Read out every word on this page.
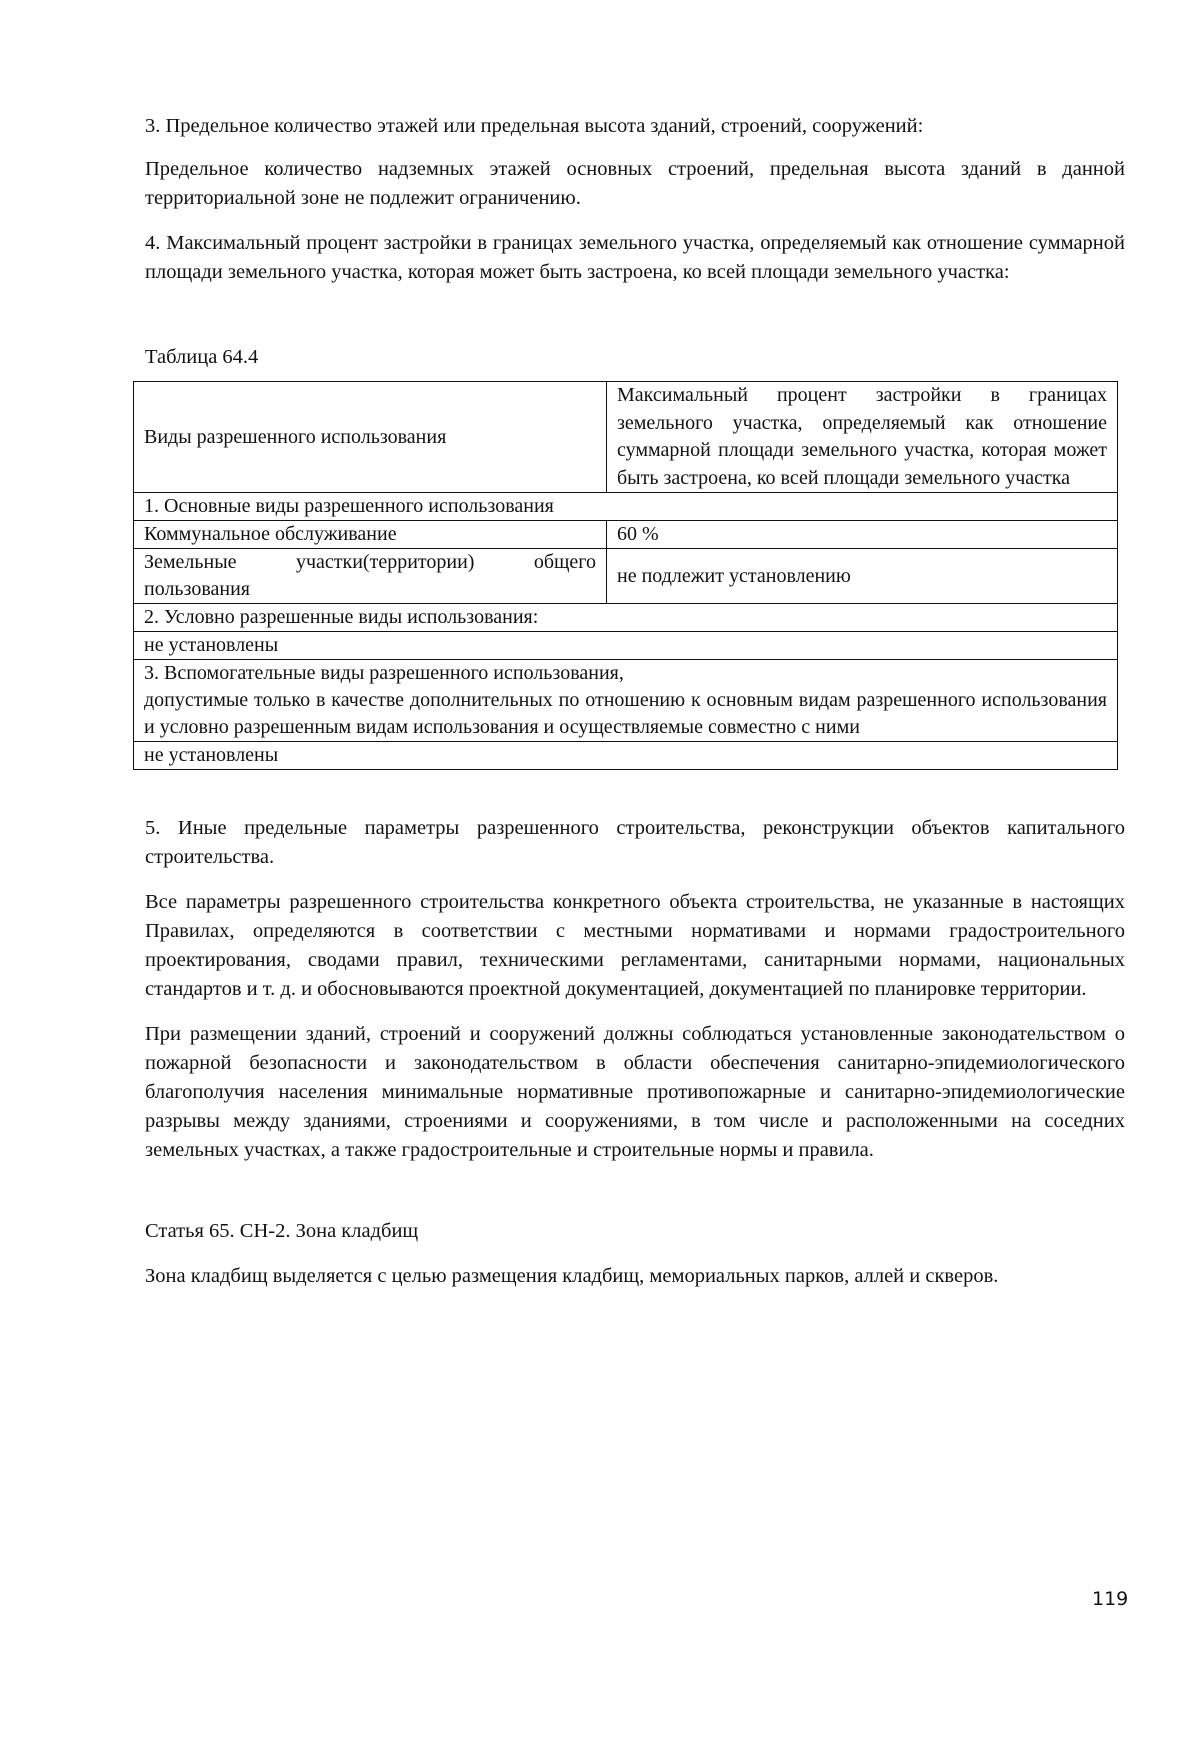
3. Предельное количество этажей или предельная высота зданий, строений, сооружений:

Предельное количество надземных этажей основных строений, предельная высота зданий в данной территориальной зоне не подлежит ограничению.

4. Максимальный процент застройки в границах земельного участка, определяемый как отношение суммарной площади земельного участка, которая может быть застроена, ко всей площади земельного участка:

Таблица 64.4
Виды разрешенного использования	Максимальный процент застройки в границах земельного участка, определяемый как отношение суммарной площади земельного участка, которая может быть застроена, ко всей площади земельного участка
1. Основные виды разрешенного использования	
Коммунальное обслуживание	60 %
Земельные участки(территории) общего пользования	не подлежит установлению
2. Условно разрешенные виды использования:	
не установлены	

3. Вспомогательные виды разрешенного использования,
допустимые только в качестве дополнительных по отношению к основным видам разрешенного использования и условно разрешенным видам использования и осуществляемые совместно с ними	

не установлены	

5. Иные предельные параметры разрешенного строительства, реконструкции объектов капитального строительства.

Все параметры разрешенного строительства конкретного объекта строительства, не указанные в настоящих Правилах, определяются в соответствии с местными нормативами и нормами градостроительного проектирования, сводами правил, техническими регламентами, санитарными нормами, национальных стандартов и т. д. и обосновываются проектной документацией, документацией по планировке территории.

При размещении зданий, строений и сооружений должны соблюдаться установленные законодательством о пожарной безопасности и законодательством в области обеспечения санитарно-эпидемиологического благополучия населения минимальные нормативные противопожарные и санитарно-эпидемиологические разрывы между зданиями, строениями и сооружениями, в том числе и расположенными на соседних земельных участках, а также градостроительные и строительные нормы и правила.

Статья 65. СН-2. Зона кладбищ

Зона кладбищ выделяется с целью размещения кладбищ, мемориальных парков, аллей и скверов.

119
